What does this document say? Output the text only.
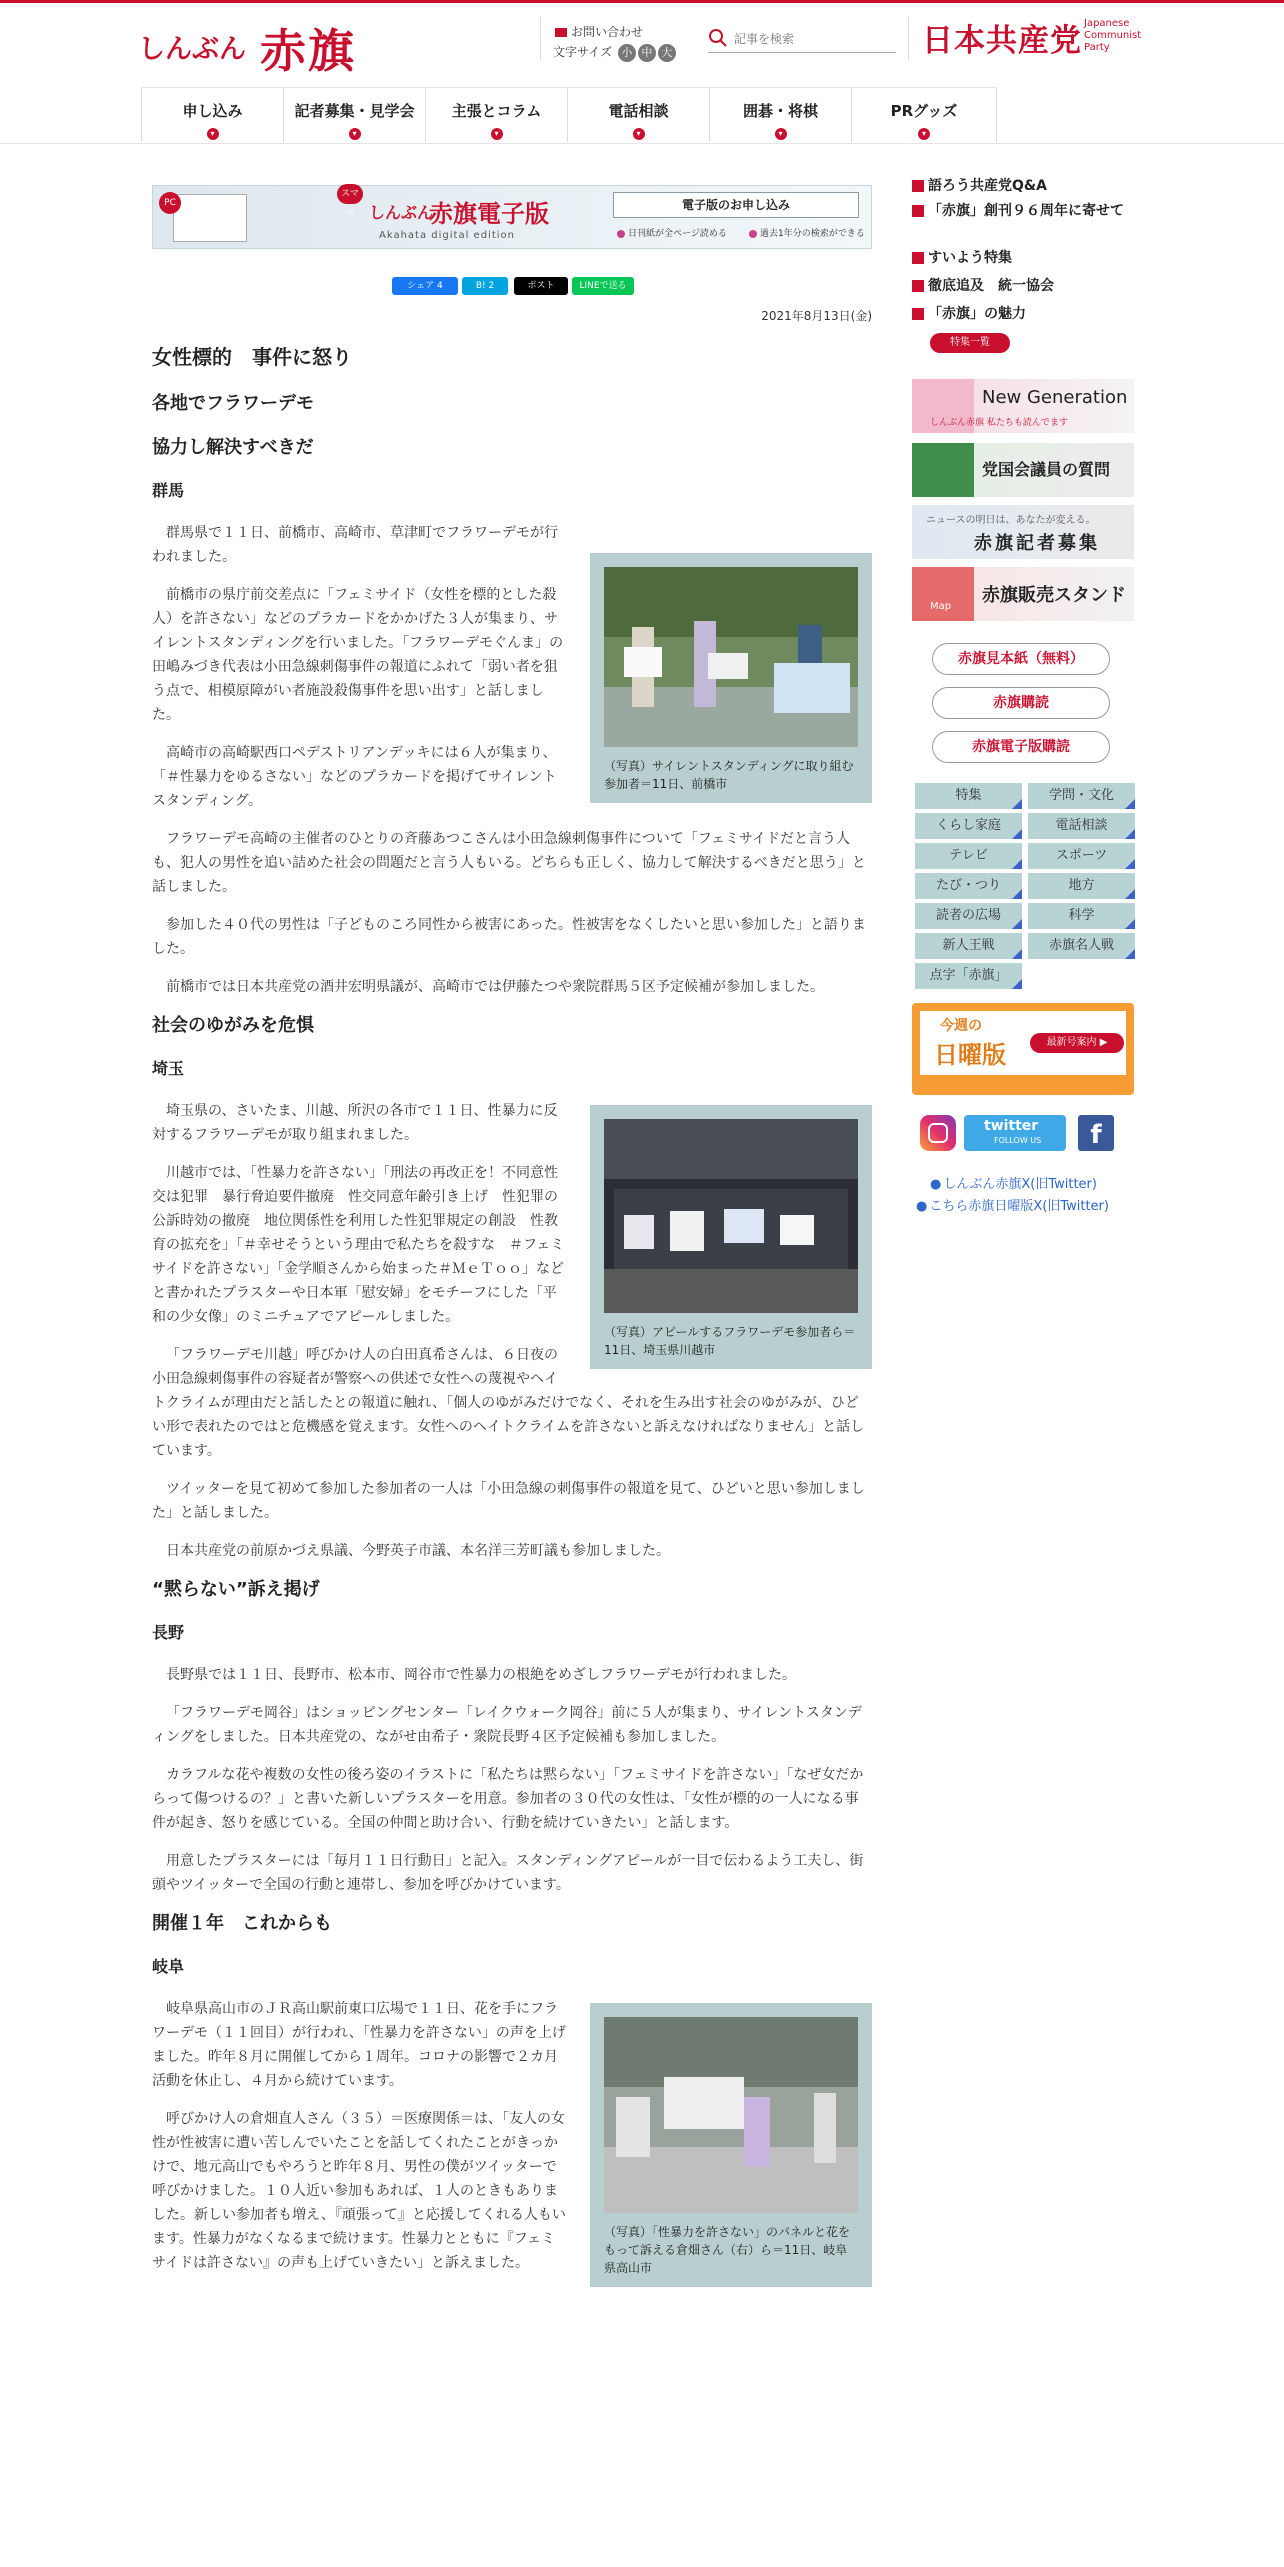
しんぶん 赤旗	お問い合わせ
文字サイズ 小 中 大
記事を検索	日本共産党 Japanese
Communist
Party
申し込み
▾
記者募集・見学会
▾
主張とコラム
▾
電話相談
▾
囲碁・将棋
▾
PRグッズ
▾
PC
スマホ しんぶん
赤旗電子版
Akahata digital edition
電子版のお申し込み
日刊紙が全ページ読める	過去1年分の検索ができる
シェア 4	B! 2	ポスト	LINEで送る
2021年8月13日(金)
女性標的　事件に怒り
各地でフラワーデモ
協力し解決すべきだ
群馬
（写真）サイレントスタンディングに取り組む参加者＝11日、前橋市

群馬県で１１日、前橋市、高崎市、草津町でフラワーデモが行われました。

前橋市の県庁前交差点に「フェミサイド（女性を標的とした殺人）を許さない」などのプラカードをかかげた３人が集まり、サイレントスタンディングを行いました。「フラワーデモぐんま」の田嶋みづき代表は小田急線刺傷事件の報道にふれて「弱い者を狙う点で、相模原障がい者施設殺傷事件を思い出す」と話しました。

高崎市の高崎駅西口ペデストリアンデッキには６人が集まり、「＃性暴力をゆるさない」などのプラカードを掲げてサイレントスタンディング。

フラワーデモ高崎の主催者のひとりの斉藤あつこさんは小田急線刺傷事件について「フェミサイドだと言う人も、犯人の男性を追い詰めた社会の問題だと言う人もいる。どちらも正しく、協力して解決するべきだと思う」と話しました。

参加した４０代の男性は「子どものころ同性から被害にあった。性被害をなくしたいと思い参加した」と語りました。

前橋市では日本共産党の酒井宏明県議が、高崎市では伊藤たつや衆院群馬５区予定候補が参加しました。

社会のゆがみを危惧
埼玉
（写真）アピールするフラワーデモ参加者ら＝11日、埼玉県川越市

埼玉県の、さいたま、川越、所沢の各市で１１日、性暴力に反対するフラワーデモが取り組まれました。

川越市では、「性暴力を許さない」「刑法の再改正を！不同意性交は犯罪　暴行脅迫要件撤廃　性交同意年齢引き上げ　性犯罪の公訴時効の撤廃　地位関係性を利用した性犯罪規定の創設　性教育の拡充を」「＃幸せそうという理由で私たちを殺すな　＃フェミサイドを許さない」「金学順さんから始まった＃ＭｅＴｏｏ」などと書かれたプラスターや日本軍「慰安婦」をモチーフにした「平和の少女像」のミニチュアでアピールしました。

「フラワーデモ川越」呼びかけ人の白田真希さんは、６日夜の小田急線刺傷事件の容疑者が警察への供述で女性への蔑視やヘイトクライムが理由だと話したとの報道に触れ、「個人のゆがみだけでなく、それを生み出す社会のゆがみが、ひどい形で表れたのではと危機感を覚えます。女性へのヘイトクライムを許さないと訴えなければなりません」と話しています。

ツイッターを見て初めて参加した参加者の一人は「小田急線の刺傷事件の報道を見て、ひどいと思い参加しました」と話しました。

日本共産党の前原かづえ県議、今野英子市議、本名洋三芳町議も参加しました。

“黙らない”訴え掲げ
長野

長野県では１１日、長野市、松本市、岡谷市で性暴力の根絶をめざしフラワーデモが行われました。

「フラワーデモ岡谷」はショッピングセンター「レイクウォーク岡谷」前に５人が集まり、サイレントスタンディングをしました。日本共産党の、ながせ由希子・衆院長野４区予定候補も参加しました。

カラフルな花や複数の女性の後ろ姿のイラストに「私たちは黙らない」「フェミサイドを許さない」「なぜ女だからって傷つけるの？」と書いた新しいプラスターを用意。参加者の３０代の女性は、「女性が標的の一人になる事件が起き、怒りを感じている。全国の仲間と助け合い、行動を続けていきたい」と話します。

用意したプラスターには「毎月１１日行動日」と記入。スタンディングアピールが一目で伝わるよう工夫し、街頭やツイッターで全国の行動と連帯し、参加を呼びかけています。

開催１年　これからも
岐阜
（写真）「性暴力を許さない」のパネルと花をもって訴える倉畑さん（右）ら＝11日、岐阜県高山市

岐阜県高山市のＪＲ高山駅前東口広場で１１日、花を手にフラワーデモ（１１回目）が行われ、「性暴力を許さない」の声を上げました。昨年８月に開催してから１周年。コロナの影響で２カ月活動を休止し、４月から続けています。

呼びかけ人の倉畑直人さん（３５）＝医療関係＝は、「友人の女性が性被害に遭い苦しんでいたことを話してくれたことがきっかけで、地元高山でもやろうと昨年８月、男性の僕がツイッターで呼びかけました。１０人近い参加もあれば、１人のときもありました。新しい参加者も増え、『頑張って』と応援してくれる人もいます。性暴力がなくなるまで続けます。性暴力とともに『フェミサイドは許さない』の声も上げていきたい」と訴えました。

語ろう共産党Q&A
「赤旗」創刊９６周年に寄せて
すいよう特集
徹底追及　統一協会
「赤旗」の魅力
特集一覧
New Generation
しんぶん赤旗 私たちも読んでます
党国会議員の質問
ニュースの明日は、あなたが変える。
赤旗記者募集
Map
赤旗販売スタンド
赤旗見本紙（無料）
赤旗購読
赤旗電子版購読
特集	学問・文化
くらし家庭	電話相談
テレビ	スポーツ
たび・つり	地方
読者の広場	科学
新人王戦	赤旗名人戦
点字「赤旗」
今週の
日曜版	最新号案内 ▶
twitter
FOLLOW US	f
● しんぶん赤旗X(旧Twitter)
● こちら赤旗日曜版X(旧Twitter)
